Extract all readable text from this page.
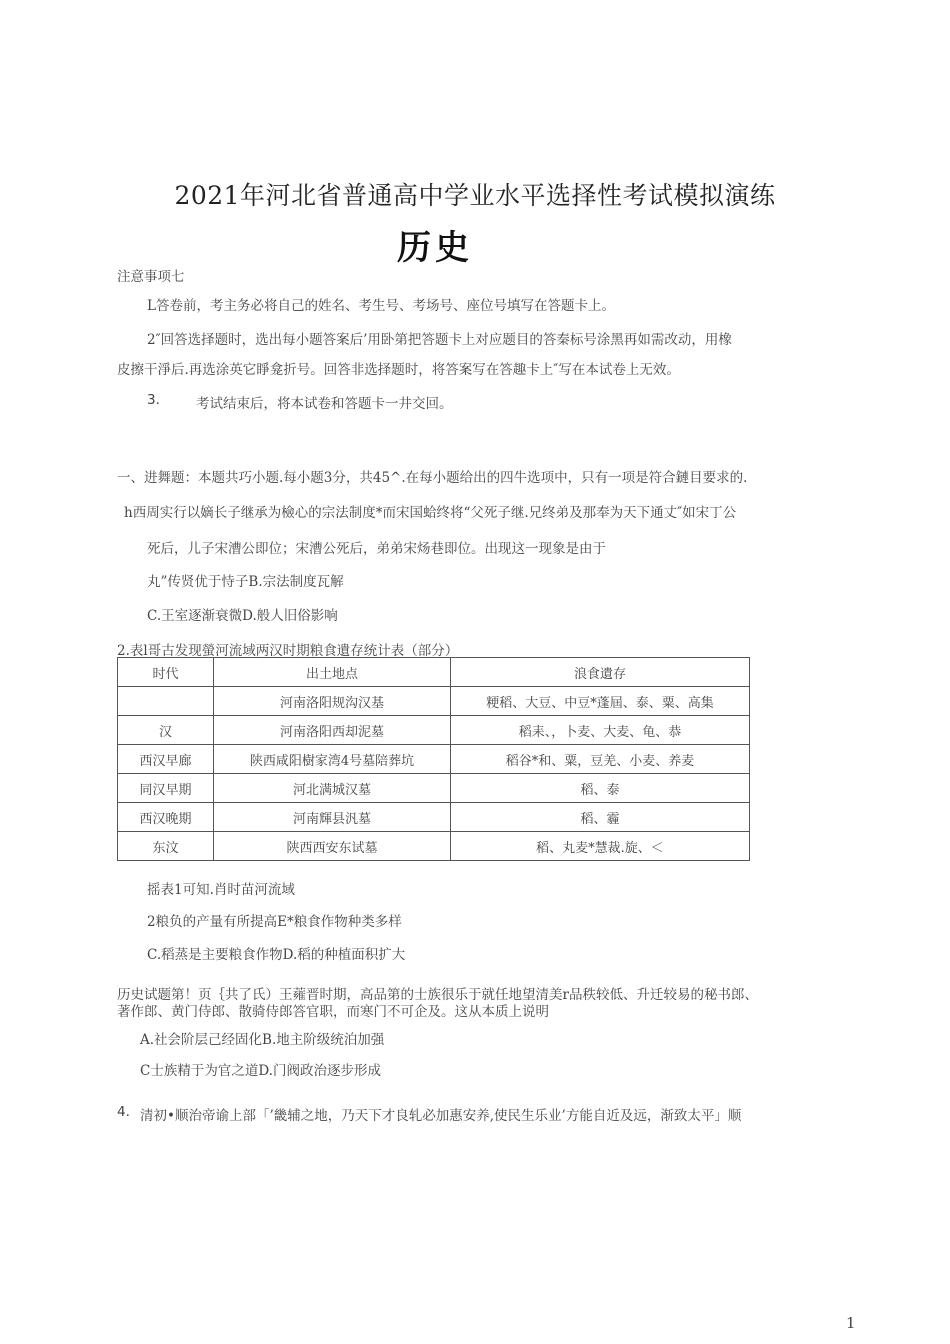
2021年河北省普通高中学业水平选择性考试模拟演练
历史
注意事项七
L答卷前，考主务必将自己的姓名、考生号、考场号、座位号填写在答题卡上。
2″回答选择题时，选出每小题答案后’用卧第把答题卡上对应题目的答秦标号涂黑再如需改动，用橡
皮擦干淨后.再选涂英它睜龛折号。回答非选择题时，将答案写在答趣卡上″写在本试卷上无效。
3.	考试结束后，将本试卷和答题卡一井交回。
一、进舞题：本题共巧小题.每小题3分，共45^.在每小题给出的四牛选项中，只有一项是符合鏈目要求的.
h西周实行以嫡长子继承为檢心的宗法制度*而宋国蛤终将“父死子继.兄终弟及那奉为天下通丈″如宋丁公
死后，儿子宋漕公即位；宋漕公死后，弟弟宋炀巷即位。出现这一现象是由于
丸”传贤优于恃子B.宗法制度瓦解
C.王室逐渐衰微D.般人旧俗影响
2.表l哥古发现螢河流域两汉时期粮食遺存统计表（部分）
时代	出土地点	浪食遺存
	河南洛阳规沟汉基	粳稻、大豆、中豆*蓬屆、泰、粟、高集
汉	河南洛阳西却泥墓	稻耒、，卜麦、大麦、龟、恭
西汉早廊	陕西咸阳樹家湾4号墓陪葬坑	稻谷*和、粟，豆羌、小麦、养麦
同汉早期	河北满城汉墓	稻、泰
西汉晚期	河南輝县汎墓	稻、霾
东汶	陕西西安东试墓	稻、丸麦*慧裁.旋、＜
摇表1可知.肖时苗河流域
2粮负的产量有所提高E*粮食作物种类多样
C.稻蒸是主要粮食作物D.稻的种植面积扩大
历史试题第！页｛共了氏）王蕹晋时期，高品第的士族很乐于就任地望清美r品秩较低、升迁较易的秘书郎、
著作郎、黄门侍郎、散骑侍郎答官职，而寒门不可企及。这从本质上说明
A.社会阶层己经固化B.地主阶级统泊加强
C士族精于为官之道D.门阀政治逐步形成
4. 清初•顺治帝谕上部「’畿辅之地，乃天下才良轧必加惠安养,使民生乐业’方能自近及远，渐致太平」顺
1
